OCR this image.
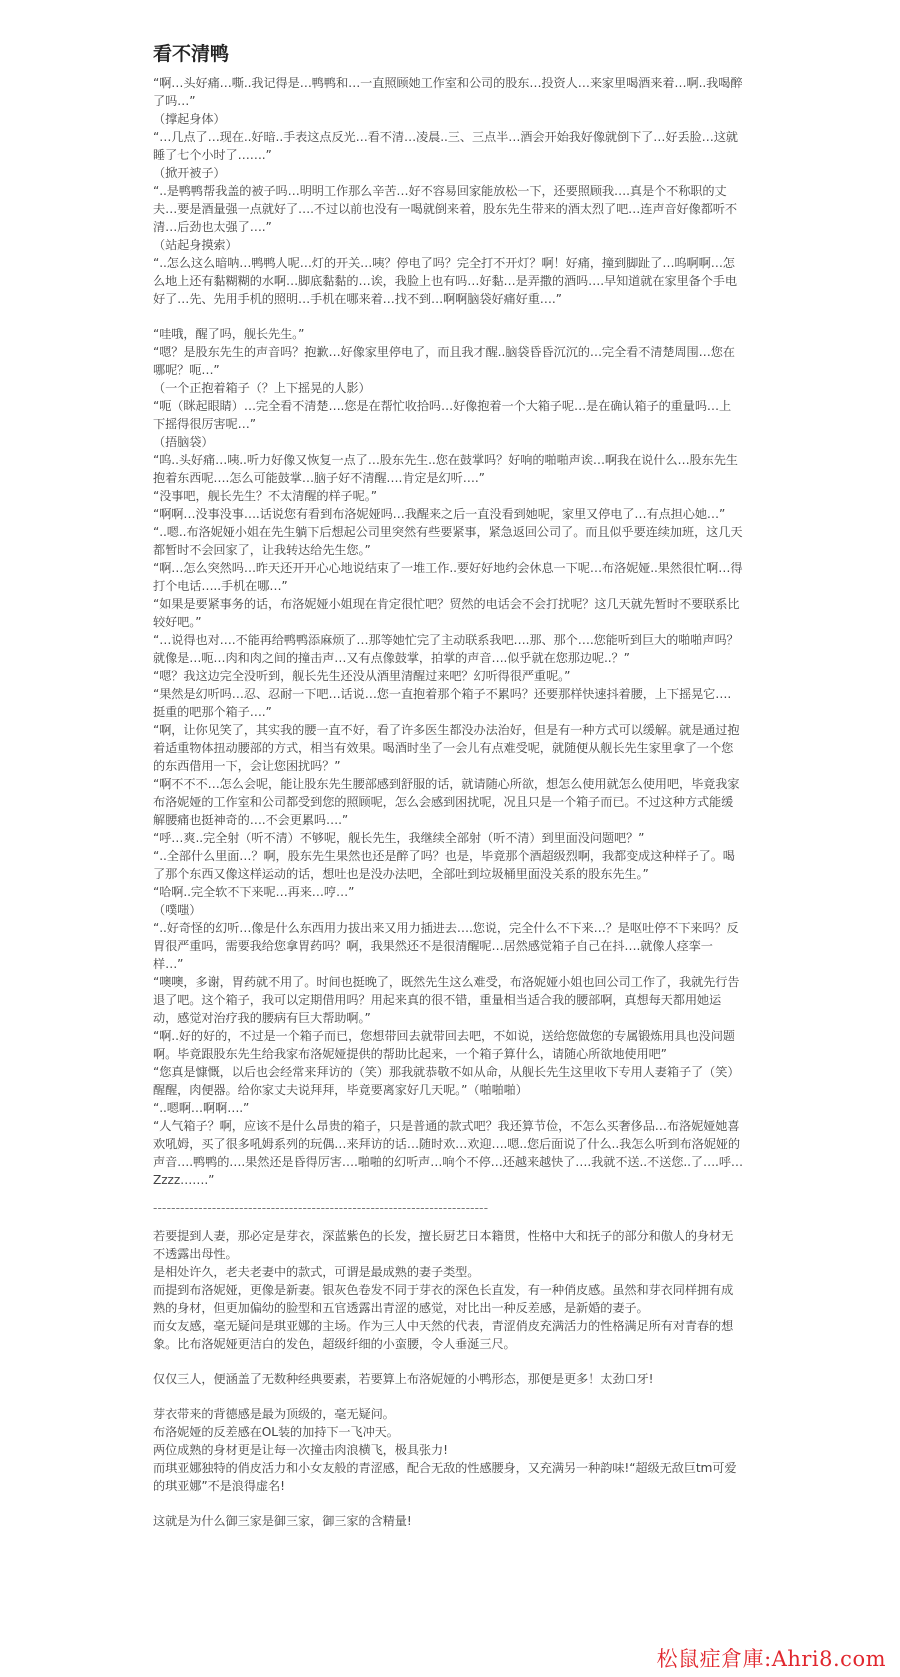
看不清鸭

“啊…头好痛…嘶..我记得是…鸭鸭和…一直照顾她工作室和公司的股东…投资人…来家里喝酒来着…啊..我喝醉了吗…”

（撑起身体）

“…几点了…现在..好暗..手表这点反光…看不清…凌晨..三、三点半…酒会开始我好像就倒下了…好丢脸…这就睡了七个小时了…….”

（掀开被子）

“..是鸭鸭帮我盖的被子吗…明明工作那么辛苦…好不容易回家能放松一下，还要照顾我….真是个不称职的丈夫…要是酒量强一点就好了….不过以前也没有一喝就倒来着，股东先生带来的酒太烈了吧…连声音好像都听不清…后劲也太强了….”

（站起身摸索）

“..怎么这么暗呐…鸭鸭人呢…灯的开关…咦？停电了吗？完全打不开灯？啊！好痛，撞到脚趾了…呜啊啊…怎么地上还有黏糊糊的水啊…脚底黏黏的…诶，我脸上也有吗…好黏…是弄撒的酒吗….早知道就在家里备个手电好了…先、先用手机的照明…手机在哪来着…找不到…啊啊脑袋好痛好重….”

“哇哦，醒了吗，舰长先生。”

“嗯？是股东先生的声音吗？抱歉…好像家里停电了，而且我才醒..脑袋昏昏沉沉的…完全看不清楚周围…您在哪呢？呃…”

（一个正抱着箱子（？上下摇晃的人影）

“呃（眯起眼睛）…完全看不清楚….您是在帮忙收拾吗…好像抱着一个大箱子呢…是在确认箱子的重量吗…上下摇得很厉害呢…”

（捂脑袋）

“呜..头好痛…咦..听力好像又恢复一点了…股东先生..您在鼓掌吗？好响的啪啪声诶…啊我在说什么…股东先生抱着东西呢….怎么可能鼓掌…脑子好不清醒….肯定是幻听….”

“没事吧，舰长先生？不太清醒的样子呢。”

“啊啊…没事没事….话说您有看到布洛妮娅吗…我醒来之后一直没看到她呢，家里又停电了…有点担心她…”

“..嗯..布洛妮娅小姐在先生躺下后想起公司里突然有些要紧事，紧急返回公司了。而且似乎要连续加班，这几天都暂时不会回家了，让我转达给先生您。”

“啊…怎么突然吗…昨天还开开心心地说结束了一堆工作..要好好地约会休息一下呢…布洛妮娅..果然很忙啊…得打个电话…..手机在哪…”

“如果是要紧事务的话，布洛妮娅小姐现在肯定很忙吧？贸然的电话会不会打扰呢？这几天就先暂时不要联系比较好吧。”

“…说得也对….不能再给鸭鸭添麻烦了…那等她忙完了主动联系我吧….那、那个….您能听到巨大的啪啪声吗？就像是…呃…肉和肉之间的撞击声…又有点像鼓掌，拍掌的声音….似乎就在您那边呢..？”

“嗯？我这边完全没听到，舰长先生还没从酒里清醒过来吧？幻听得很严重呢。”

“果然是幻听吗…忍、忍耐一下吧…话说…您一直抱着那个箱子不累吗？还要那样快速抖着腰，上下摇晃它….挺重的吧那个箱子….”

“啊，让你见笑了，其实我的腰一直不好，看了许多医生都没办法治好，但是有一种方式可以缓解。就是通过抱着适重物体扭动腰部的方式，相当有效果。喝酒时坐了一会儿有点难受呢，就随便从舰长先生家里拿了一个您的东西借用一下，会让您困扰吗？”

“啊不不不…怎么会呢，能让股东先生腰部感到舒服的话，就请随心所欲，想怎么使用就怎么使用吧，毕竟我家布洛妮娅的工作室和公司都受到您的照顾呢，怎么会感到困扰呢，况且只是一个箱子而已。不过这种方式能缓解腰痛也挺神奇的….不会更累吗….”

“呼…爽..完全射（听不清）不够呢，舰长先生，我继续全部射（听不清）到里面没问题吧？”

“..全部什么里面…？啊，股东先生果然也还是醉了吗？也是，毕竟那个酒超级烈啊，我都变成这种样子了。喝了那个东西又像这样运动的话，想吐也是没办法吧，全部吐到垃圾桶里面没关系的股东先生。”

“哈啊..完全软不下来呢…再来…哼…”

（噗嗤）

“..好奇怪的幻听…像是什么东西用力拔出来又用力插进去….您说，完全什么不下来…？是呕吐停不下来吗？反胃很严重吗，需要我给您拿胃药吗？啊，我果然还不是很清醒呢…居然感觉箱子自己在抖….就像人痉挛一样…”

“噢噢，多谢，胃药就不用了。时间也挺晚了，既然先生这么难受，布洛妮娅小姐也回公司工作了，我就先行告退了吧。这个箱子，我可以定期借用吗？用起来真的很不错，重量相当适合我的腰部啊，真想每天都用她运动，感觉对治疗我的腰病有巨大帮助啊。”

“啊..好的好的，不过是一个箱子而已，您想带回去就带回去吧，不如说，送给您做您的专属锻炼用具也没问题啊。毕竟跟股东先生给我家布洛妮娅提供的帮助比起来，一个箱子算什么，请随心所欲地使用吧”

“您真是慷慨，以后也会经常来拜访的（笑）那我就恭敬不如从命，从舰长先生这里收下专用人妻箱子了（笑）醒醒，肉便器。给你家丈夫说拜拜，毕竟要离家好几天呢。”（啪啪啪）

“..嗯啊…啊啊….”

“人气箱子？啊，应该不是什么昂贵的箱子，只是普通的款式吧？我还算节俭，不怎么买奢侈品…布洛妮娅她喜欢吼姆，买了很多吼姆系列的玩偶…来拜访的话…随时欢…欢迎….嗯..您后面说了什么..我怎么听到布洛妮娅的声音….鸭鸭的….果然还是昏得厉害….啪啪的幻听声…响个不停…还越来越快了….我就不送..不送您..了….呼…Zzzz…….”

--------------------------------------------------------------------------

若要提到人妻，那必定是芽衣，深蓝紫色的长发，擅长厨艺日本籍贯，性格中大和抚子的部分和傲人的身材无不透露出母性。

是相处许久，老夫老妻中的款式，可谓是最成熟的妻子类型。

而提到布洛妮娅，更像是新妻。银灰色卷发不同于芽衣的深色长直发，有一种俏皮感。虽然和芽衣同样拥有成熟的身材，但更加偏幼的脸型和五官透露出青涩的感觉，对比出一种反差感，是新婚的妻子。

而女友感，毫无疑问是琪亚娜的主场。作为三人中天然的代表，青涩俏皮充满活力的性格满足所有对青春的想象。比布洛妮娅更洁白的发色，超级纤细的小蛮腰，令人垂涎三尺。

仅仅三人，便涵盖了无数种经典要素，若要算上布洛妮娅的小鸭形态，那便是更多！太劲口牙!

芽衣带来的背德感是最为顶级的，毫无疑问。

布洛妮娅的反差感在OL装的加持下一飞冲天。

两位成熟的身材更是让每一次撞击肉浪横飞，极具张力!

而琪亚娜独特的俏皮活力和小女友般的青涩感，配合无敌的性感腰身，又充满另一种韵味!“超级无敌巨tm可爱的琪亚娜”不是浪得虚名!

这就是为什么御三家是御三家，御三家的含精量!

松鼠症倉庫:Ahri8.com
